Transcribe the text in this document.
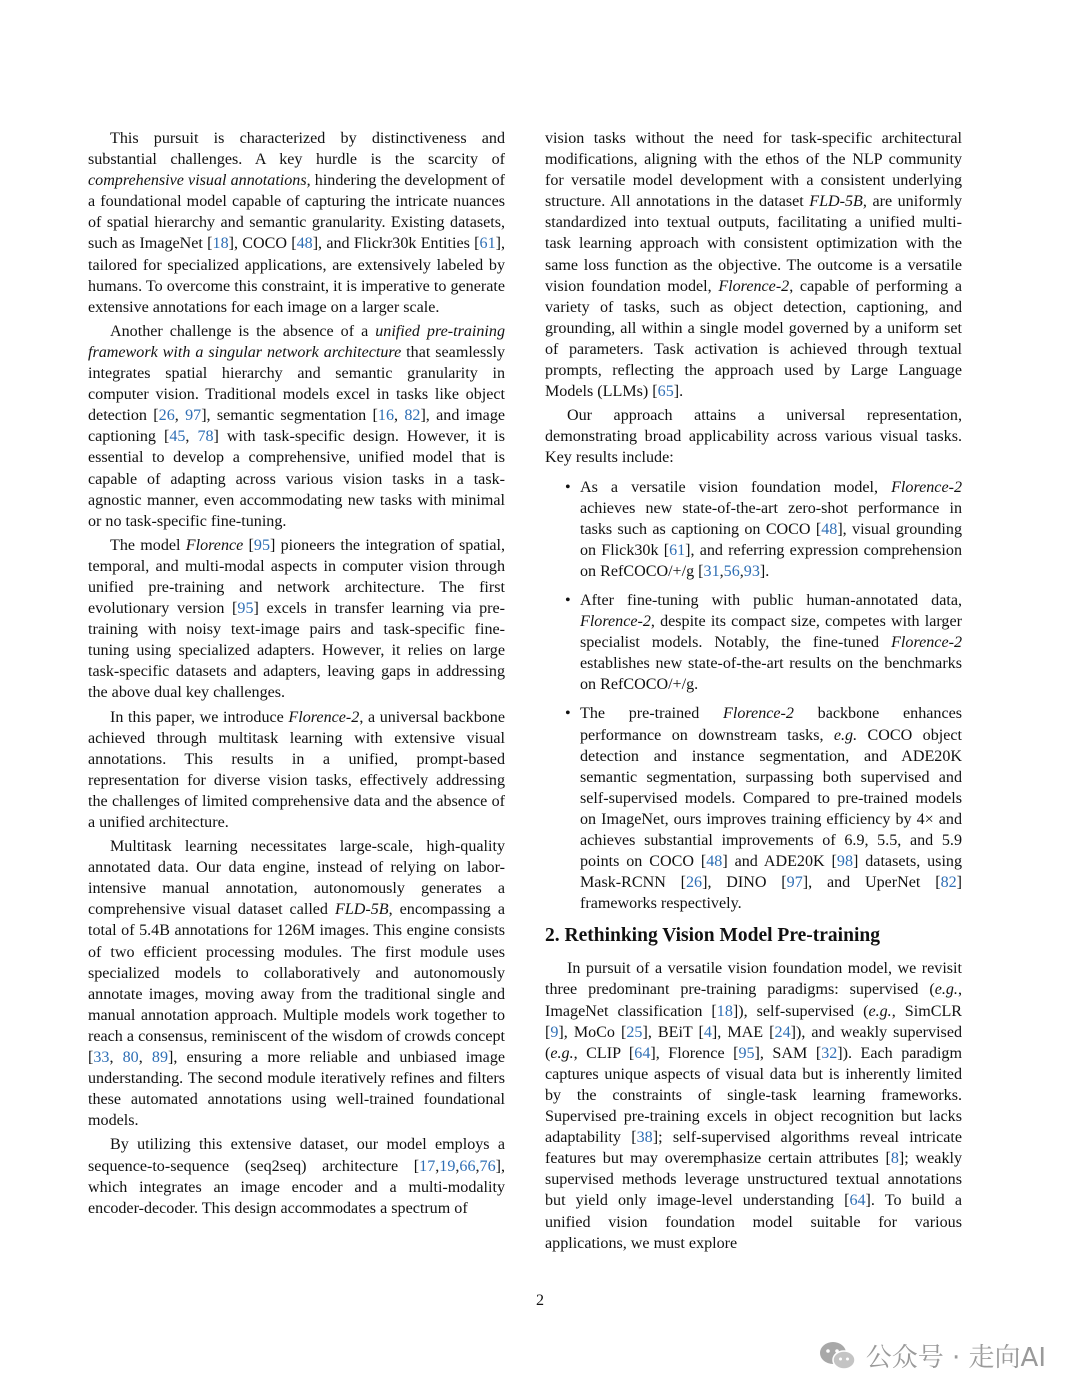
This pursuit is characterized by distinctiveness and substantial challenges. A key hurdle is the scarcity of comprehensive visual annotations, hindering the development of a foundational model capable of capturing the intricate nuances of spatial hierarchy and semantic granularity. Existing datasets, such as ImageNet [18], COCO [48], and Flickr30k Entities [61], tailored for specialized applications, are extensively labeled by humans. To overcome this constraint, it is imperative to generate extensive annotations for each image on a larger scale.

Another challenge is the absence of a unified pre-training framework with a singular network architecture that seamlessly integrates spatial hierarchy and semantic granularity in computer vision. Traditional models excel in tasks like object detection [26, 97], semantic segmentation [16, 82], and image captioning [45, 78] with task-specific design. However, it is essential to develop a comprehensive, unified model that is capable of adapting across various vision tasks in a task-agnostic manner, even accommodating new tasks with minimal or no task-specific fine-tuning.

The model Florence [95] pioneers the integration of spatial, temporal, and multi-modal aspects in computer vision through unified pre-training and network architecture. The first evolutionary version [95] excels in transfer learning via pre-training with noisy text-image pairs and task-specific fine-tuning using specialized adapters. However, it relies on large task-specific datasets and adapters, leaving gaps in addressing the above dual key challenges.

In this paper, we introduce Florence-2, a universal backbone achieved through multitask learning with extensive visual annotations. This results in a unified, prompt-based representation for diverse vision tasks, effectively addressing the challenges of limited comprehensive data and the absence of a unified architecture.

Multitask learning necessitates large-scale, high-quality annotated data. Our data engine, instead of relying on labor-intensive manual annotation, autonomously generates a comprehensive visual dataset called FLD-5B, encompassing a total of 5.4B annotations for 126M images. This engine consists of two efficient processing modules. The first module uses specialized models to collaboratively and autonomously annotate images, moving away from the traditional single and manual annotation approach. Multiple models work together to reach a consensus, reminiscent of the wisdom of crowds concept [33, 80, 89], ensuring a more reliable and unbiased image understanding. The second module iteratively refines and filters these automated annotations using well-trained foundational models.

By utilizing this extensive dataset, our model employs a sequence-to-sequence (seq2seq) architecture [17,19,66,76], which integrates an image encoder and a multi-modality encoder-decoder. This design accommodates a spectrum of

vision tasks without the need for task-specific architectural modifications, aligning with the ethos of the NLP community for versatile model development with a consistent underlying structure. All annotations in the dataset FLD-5B, are uniformly standardized into textual outputs, facilitating a unified multi-task learning approach with consistent optimization with the same loss function as the objective. The outcome is a versatile vision foundation model, Florence-2, capable of performing a variety of tasks, such as object detection, captioning, and grounding, all within a single model governed by a uniform set of parameters. Task activation is achieved through textual prompts, reflecting the approach used by Large Language Models (LLMs) [65].

Our approach attains a universal representation, demonstrating broad applicability across various visual tasks. Key results include:

• As a versatile vision foundation model, Florence-2 achieves new state-of-the-art zero-shot performance in tasks such as captioning on COCO [48], visual grounding on Flick30k [61], and referring expression comprehension on RefCOCO/+/g [31,56,93].
• After fine-tuning with public human-annotated data, Florence-2, despite its compact size, competes with larger specialist models. Notably, the fine-tuned Florence-2 establishes new state-of-the-art results on the benchmarks on RefCOCO/+/g.
• The pre-trained Florence-2 backbone enhances performance on downstream tasks, e.g. COCO object detection and instance segmentation, and ADE20K semantic segmentation, surpassing both supervised and self-supervised models. Compared to pre-trained models on ImageNet, ours improves training efficiency by 4× and achieves substantial improvements of 6.9, 5.5, and 5.9 points on COCO [48] and ADE20K [98] datasets, using Mask-RCNN [26], DINO [97], and UperNet [82] frameworks respectively.
2. Rethinking Vision Model Pre-training

In pursuit of a versatile vision foundation model, we revisit three predominant pre-training paradigms: supervised (e.g., ImageNet classification [18]), self-supervised (e.g., SimCLR [9], MoCo [25], BEiT [4], MAE [24]), and weakly supervised (e.g., CLIP [64], Florence [95], SAM [32]). Each paradigm captures unique aspects of visual data but is inherently limited by the constraints of single-task learning frameworks. Supervised pre-training excels in object recognition but lacks adaptability [38]; self-supervised algorithms reveal intricate features but may overemphasize certain attributes [8]; weakly supervised methods leverage unstructured textual annotations but yield only image-level understanding [64]. To build a unified vision foundation model suitable for various applications, we must explore

2
公众号 · 走向AI
